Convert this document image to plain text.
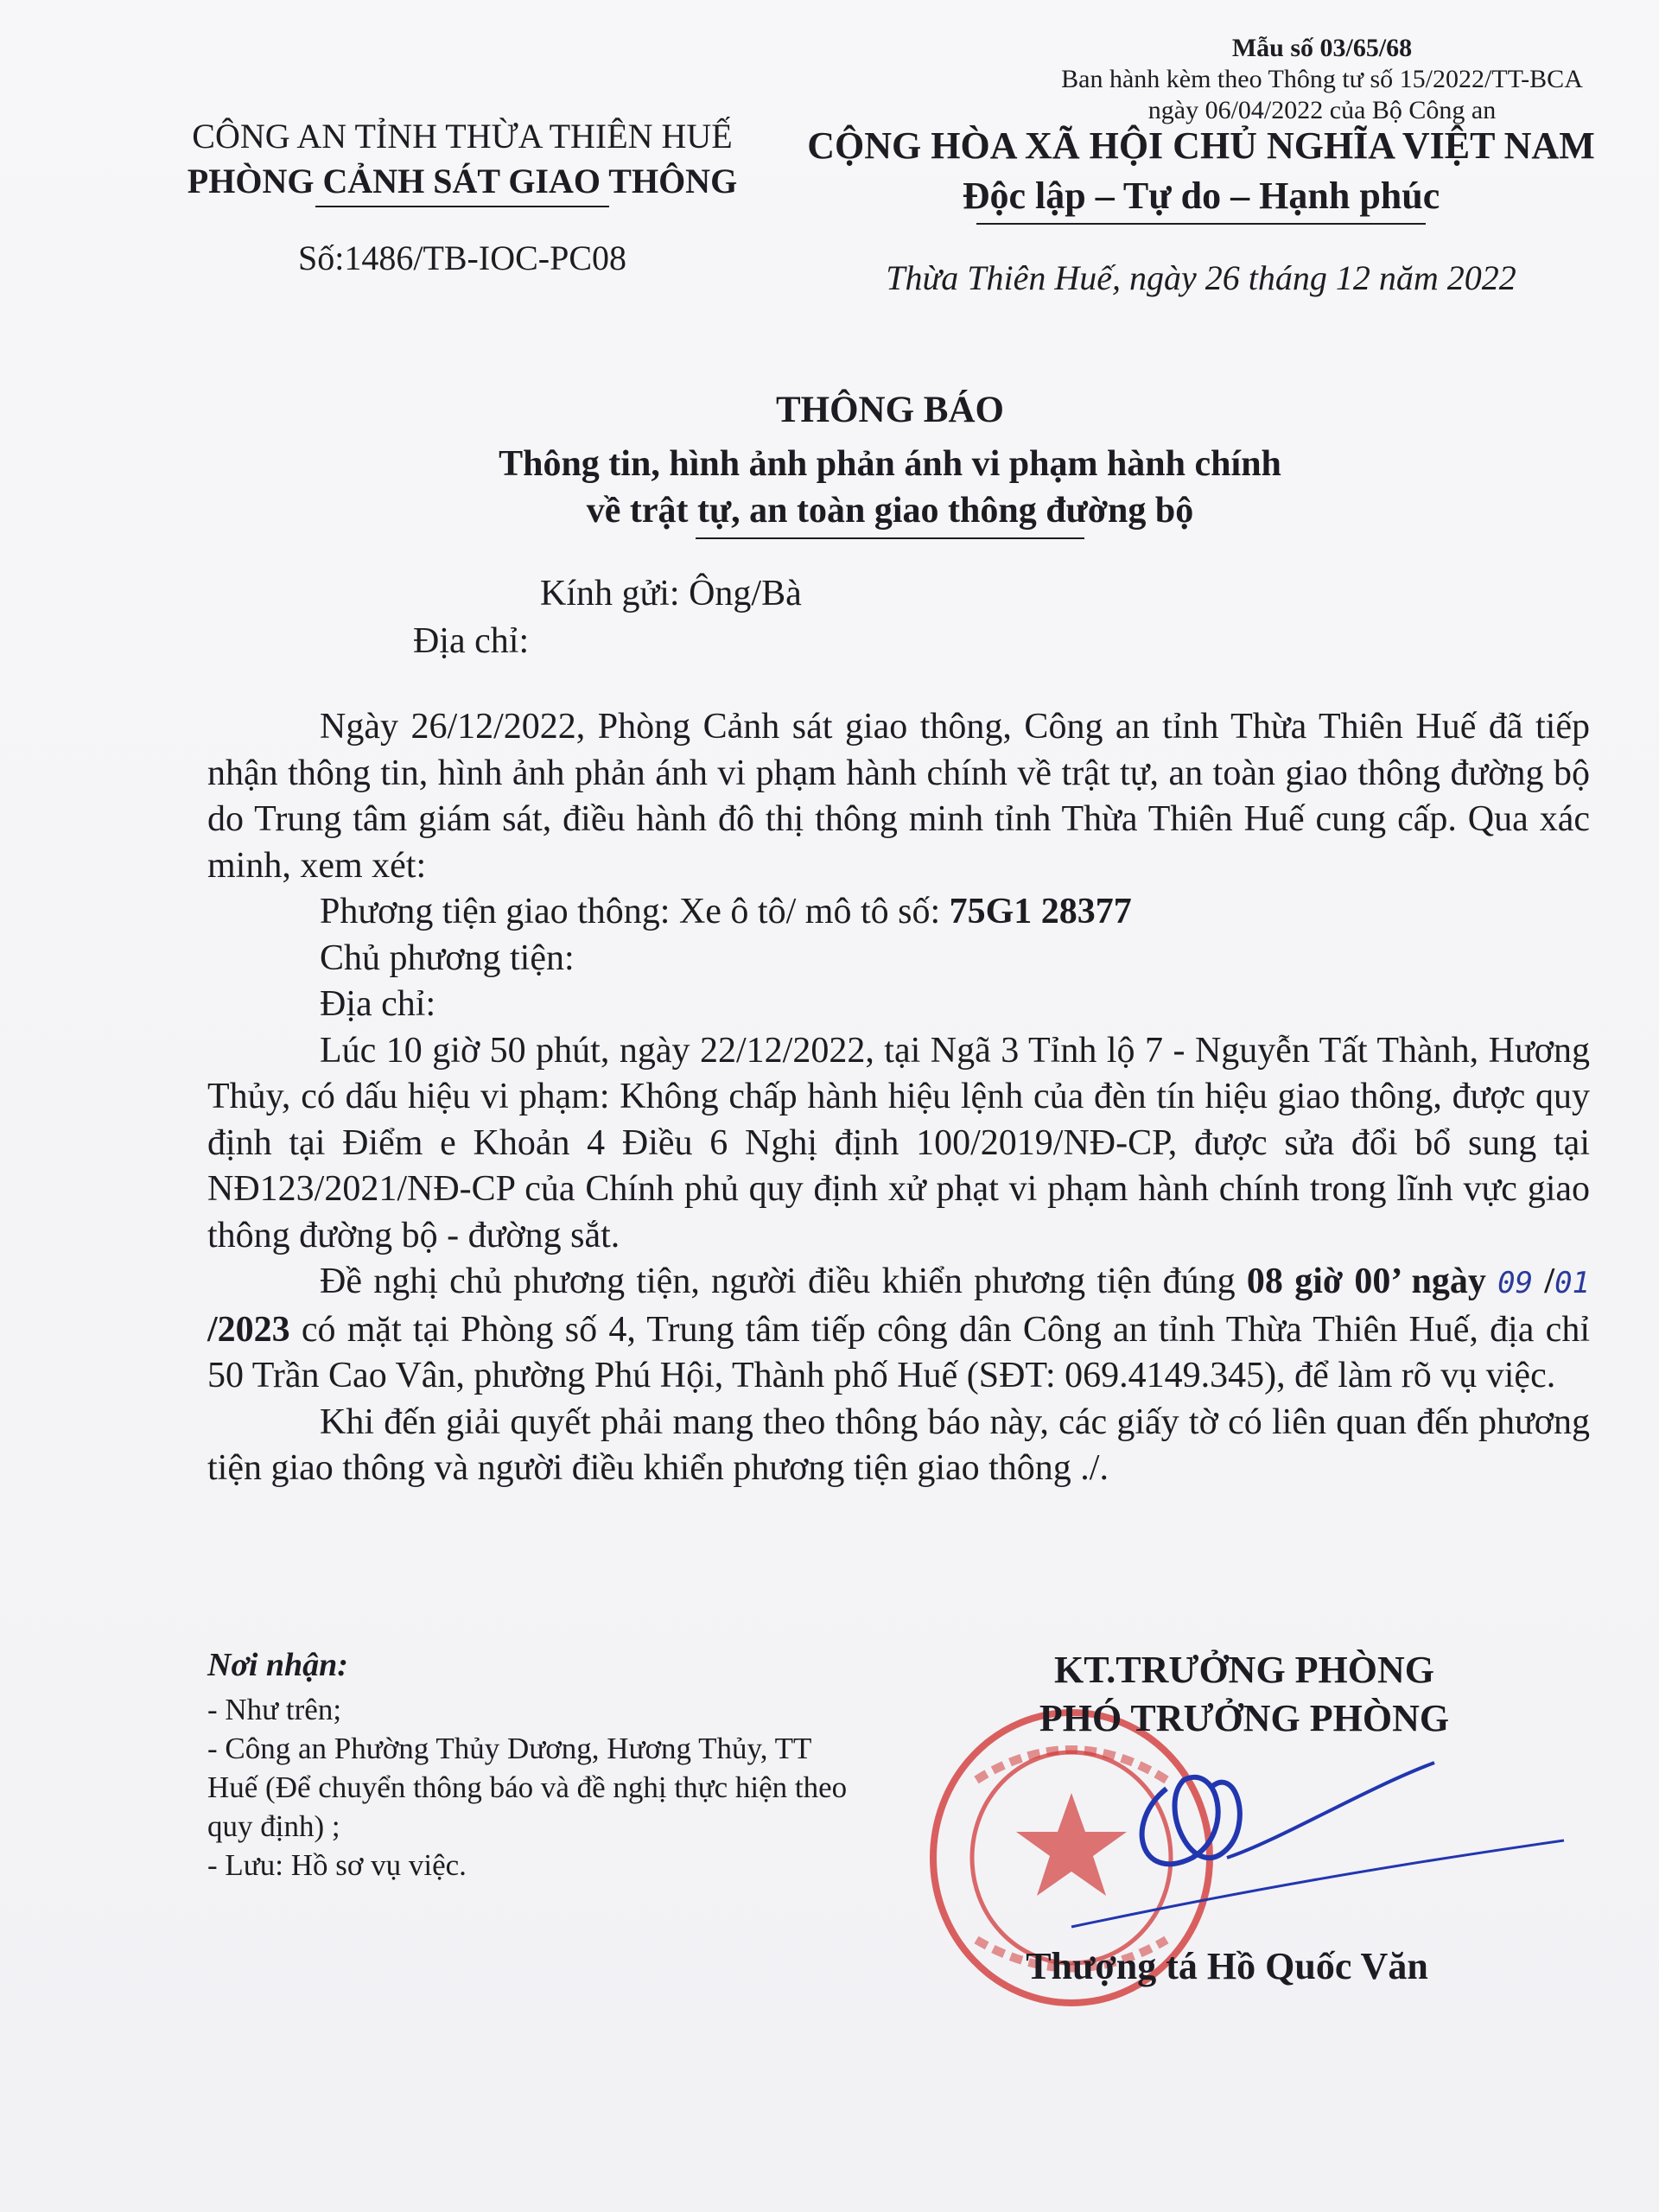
Mẫu số 03/65/68
Ban hành kèm theo Thông tư số 15/2022/TT-BCA
ngày 06/04/2022 của Bộ Công an
CÔNG AN TỈNH THỪA THIÊN HUẾ
PHÒNG CẢNH SÁT GIAO THÔNG
Số:1486/TB-IOC-PC08
CỘNG HÒA XÃ HỘI CHỦ NGHĨA VIỆT NAM
Độc lập – Tự do – Hạnh phúc
Thừa Thiên Huế, ngày 26 tháng 12 năm 2022
THÔNG BÁO
Thông tin, hình ảnh phản ánh vi phạm hành chính
về trật tự, an toàn giao thông đường bộ
Kính gửi: Ông/Bà
Địa chỉ:

Ngày 26/12/2022, Phòng Cảnh sát giao thông, Công an tỉnh Thừa Thiên Huế đã tiếp nhận thông tin, hình ảnh phản ánh vi phạm hành chính về trật tự, an toàn giao thông đường bộ do Trung tâm giám sát, điều hành đô thị thông minh tỉnh Thừa Thiên Huế cung cấp. Qua xác minh, xem xét:

Phương tiện giao thông: Xe ô tô/ mô tô số: 75G1 28377

Chủ phương tiện:

Địa chỉ:

Lúc 10 giờ 50 phút, ngày 22/12/2022, tại Ngã 3 Tỉnh lộ 7 - Nguyễn Tất Thành, Hương Thủy, có dấu hiệu vi phạm: Không chấp hành hiệu lệnh của đèn tín hiệu giao thông, được quy định tại Điểm e Khoản 4 Điều 6 Nghị định 100/2019/NĐ-CP, được sửa đổi bổ sung tại NĐ123/2021/NĐ-CP của Chính phủ quy định xử phạt vi phạm hành chính trong lĩnh vực giao thông đường bộ - đường sắt.

Đề nghị chủ phương tiện, người điều khiển phương tiện đúng 08 giờ 00’ ngày 09 /01 /2023 có mặt tại Phòng số 4, Trung tâm tiếp công dân Công an tỉnh Thừa Thiên Huế, địa chỉ 50 Trần Cao Vân, phường Phú Hội, Thành phố Huế (SĐT: 069.4149.345), để làm rõ vụ việc.

Khi đến giải quyết phải mang theo thông báo này, các giấy tờ có liên quan đến phương tiện giao thông và người điều khiển phương tiện giao thông ./.

Nơi nhận:
- Như trên;
- Công an Phường Thủy Dương, Hương Thủy, TT Huế (Để chuyển thông báo và đề nghị thực hiện theo quy định) ;
- Lưu: Hồ sơ vụ việc.
KT.TRƯỞNG PHÒNG
PHÓ TRƯỞNG PHÒNG
Thượng tá Hồ Quốc Văn
